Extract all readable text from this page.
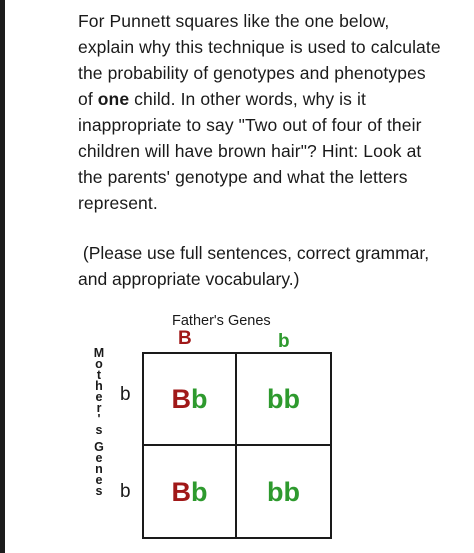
For Punnett squares like the one below,
explain why this technique is used to calculate
the probability of genotypes and phenotypes
of one child. In other words, why is it
inappropriate to say "Two out of four of their
children will have brown hair"? Hint: Look at
the parents' genotype and what the letters
represent.
(Please use full sentences, correct grammar,
and appropriate vocabulary.)
Father's Genes
B	b
M
o
t
h
e
r
'
s
G
e
n
e
s
b
b
B b bb
B b bb
